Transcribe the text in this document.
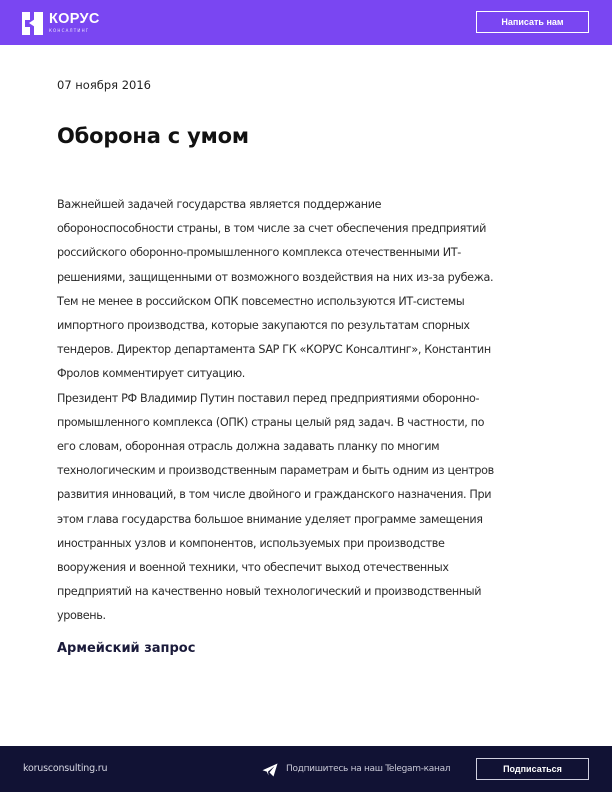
КОРУС
КОНСАЛТИНГ
Написать нам
07 ноября 2016
Оборона с умом
Важнейшей задачей государства является поддержание
обороноспособности страны, в том числе за счет обеспечения предприятий
российского оборонно-промышленного комплекса отечественными ИТ-
решениями, защищенными от возможного воздействия на них из-за рубежа.
Тем не менее в российском ОПК повсеместно используются ИТ-системы
импортного производства, которые закупаются по результатам спорных
тендеров. Директор департамента SAP ГК «КОРУС Консалтинг», Константин
Фролов комментирует ситуацию.
Президент РФ Владимир Путин поставил перед предприятиями оборонно-
промышленного комплекса (ОПК) страны целый ряд задач. В частности, по
его словам, оборонная отрасль должна задавать планку по многим
технологическим и производственным параметрам и быть одним из центров
развития инноваций, в том числе двойного и гражданского назначения. При
этом глава государства большое внимание уделяет программе замещения
иностранных узлов и компонентов, используемых при производстве
вооружения и военной техники, что обеспечит выход отечественных
предприятий на качественно новый технологический и производственный
уровень.
Армейский запрос
korusconsulting.ru	Подпишитесь на наш Telegam-канал	Подписаться
